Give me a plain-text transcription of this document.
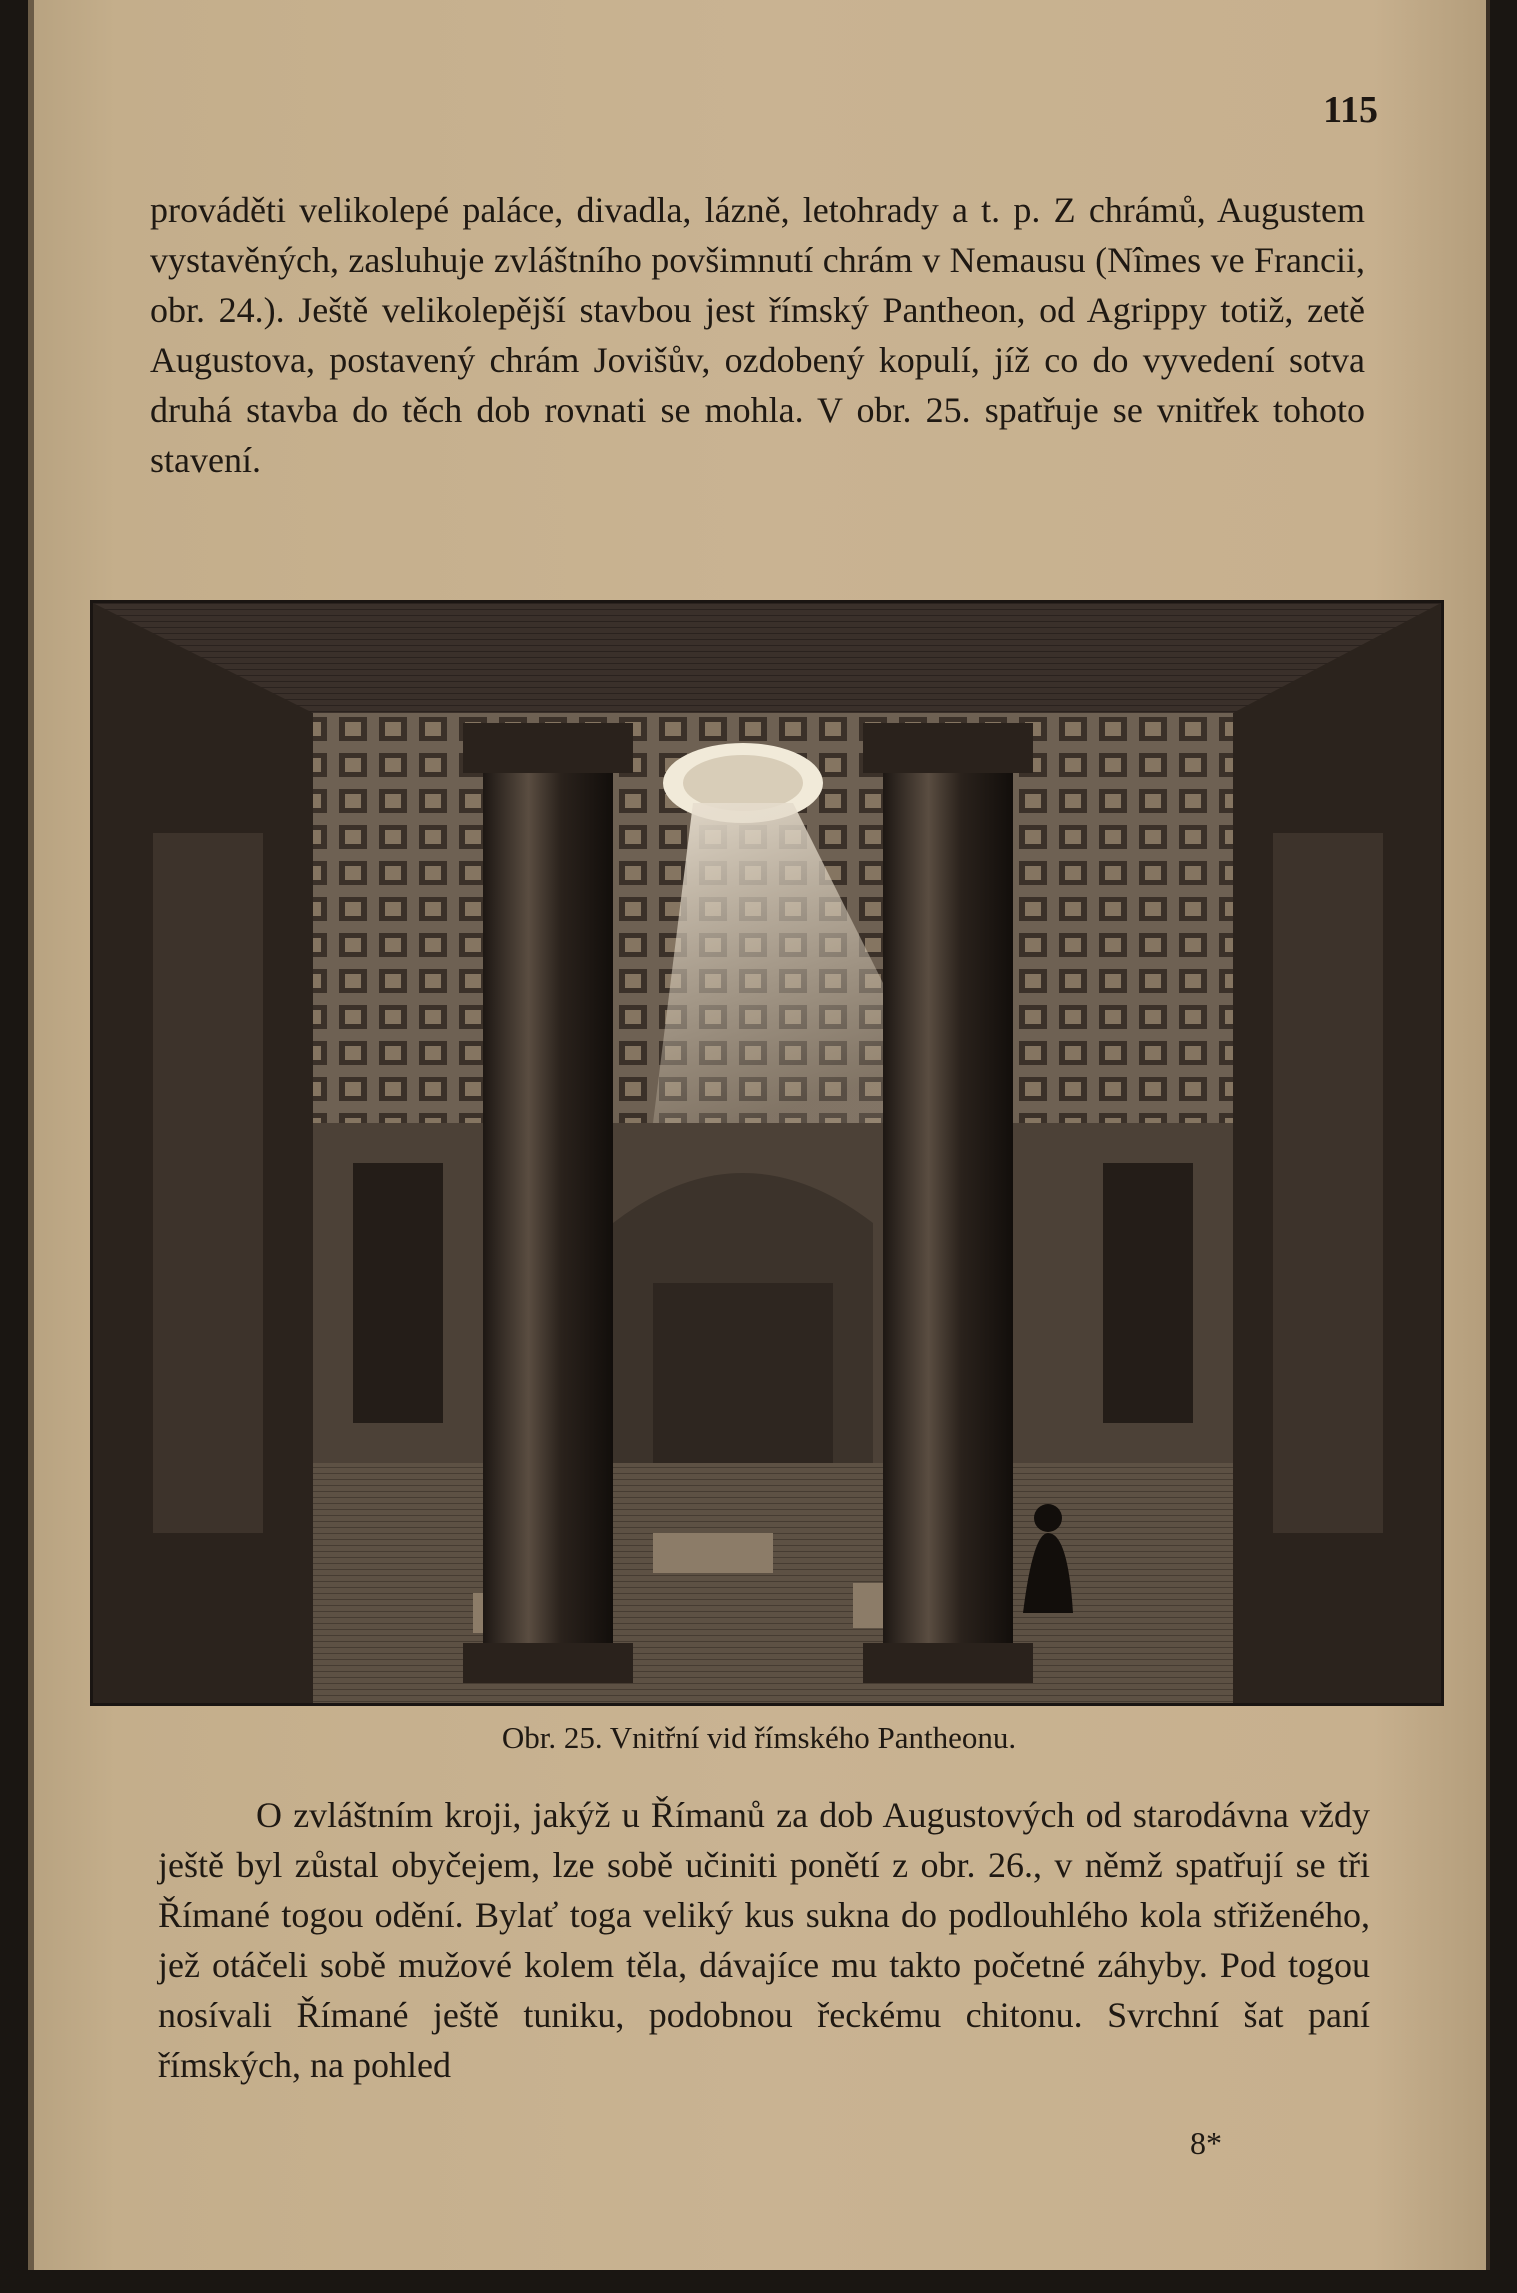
115

prováděti velikolepé paláce, divadla, lázně, letohrady a t. p. Z chrámů, Augustem vystavěných, zasluhuje zvláštního povšimnutí chrám v Nemausu (Nîmes ve Francii, obr. 24.). Ještě velikolepější stavbou jest římský Pantheon, od Agrippy totiž, zetě Augustova, postavený chrám Jovišův, ozdobený kopulí, jíž co do vyvedení sotva druhá stavba do těch dob rovnati se mohla. V obr. 25. spatřuje se vnitřek tohoto stavení.

Obr. 25. Vnitřní vid římského Pantheonu.

O zvláštním kroji, jakýž u Římanů za dob Augustových od starodávna vždy ještě byl zůstal obyčejem, lze sobě učiniti ponětí z obr. 26., v němž spatřují se tři Římané togou odění. Bylať toga veliký kus sukna do podlouhlého kola střiženého, jež otáčeli sobě mužové kolem těla, dávajíce mu takto početné záhyby. Pod togou nosívali Římané ještě tuniku, podobnou řeckému chitonu. Svrchní šat paní římských, na pohled

8*
